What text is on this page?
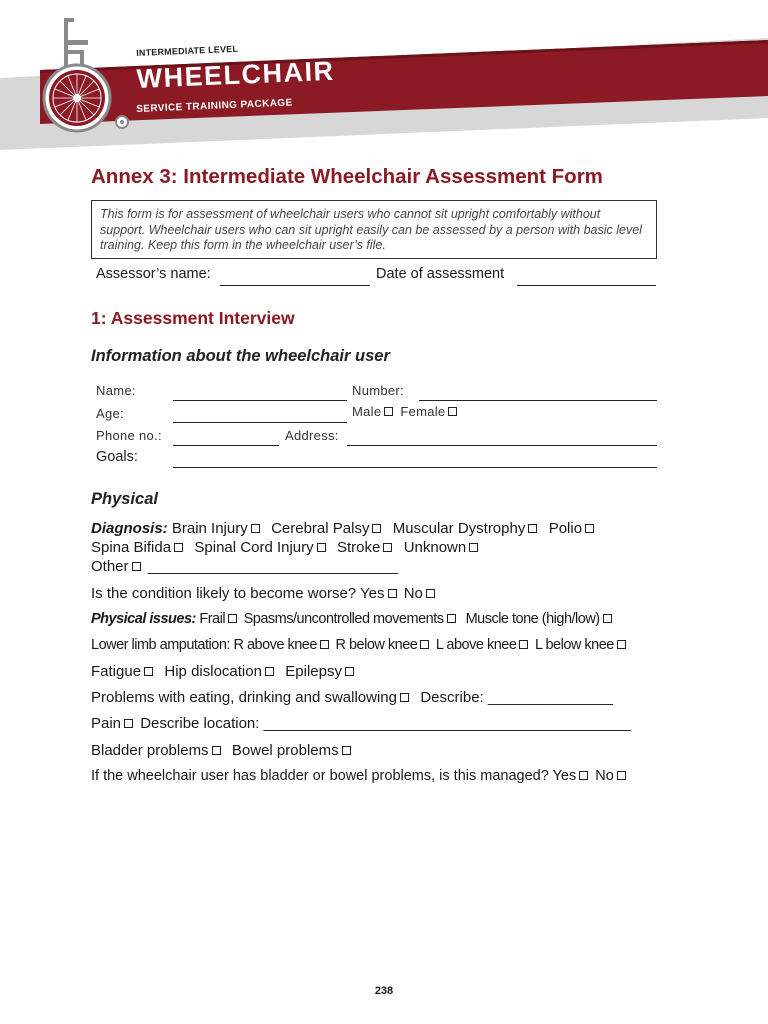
INTERMEDIATE LEVEL
WHEELCHAIR
SERVICE TRAINING PACKAGE
Annex 3: Intermediate Wheelchair Assessment Form
This form is for assessment of wheelchair users who cannot sit upright comfortably without support. Wheelchair users who can sit upright easily can be assessed by a person with basic level training. Keep this form in the wheelchair user’s file.
Assessor’s name:	Date of assessment
1: Assessment Interview
Information about the wheelchair user
Name:	Number:
Age:	Male Female
Phone no.:	Address:
Goals:
Physical
Diagnosis: Brain Injury Cerebral Palsy Muscular Dystrophy Polio
Spina Bifida Spinal Cord Injury Stroke Unknown
Other ______________________________
Is the condition likely to become worse? Yes No
Physical issues: Frail Spasms/uncontrolled movements Muscle tone (high/low)
Lower limb amputation: R above knee R below knee L above knee L below knee
Fatigue Hip dislocation Epilepsy
Problems with eating, drinking and swallowing Describe: _______________
Pain Describe location: ____________________________________________
Bladder problems Bowel problems
If the wheelchair user has bladder or bowel problems, is this managed? Yes No
238
